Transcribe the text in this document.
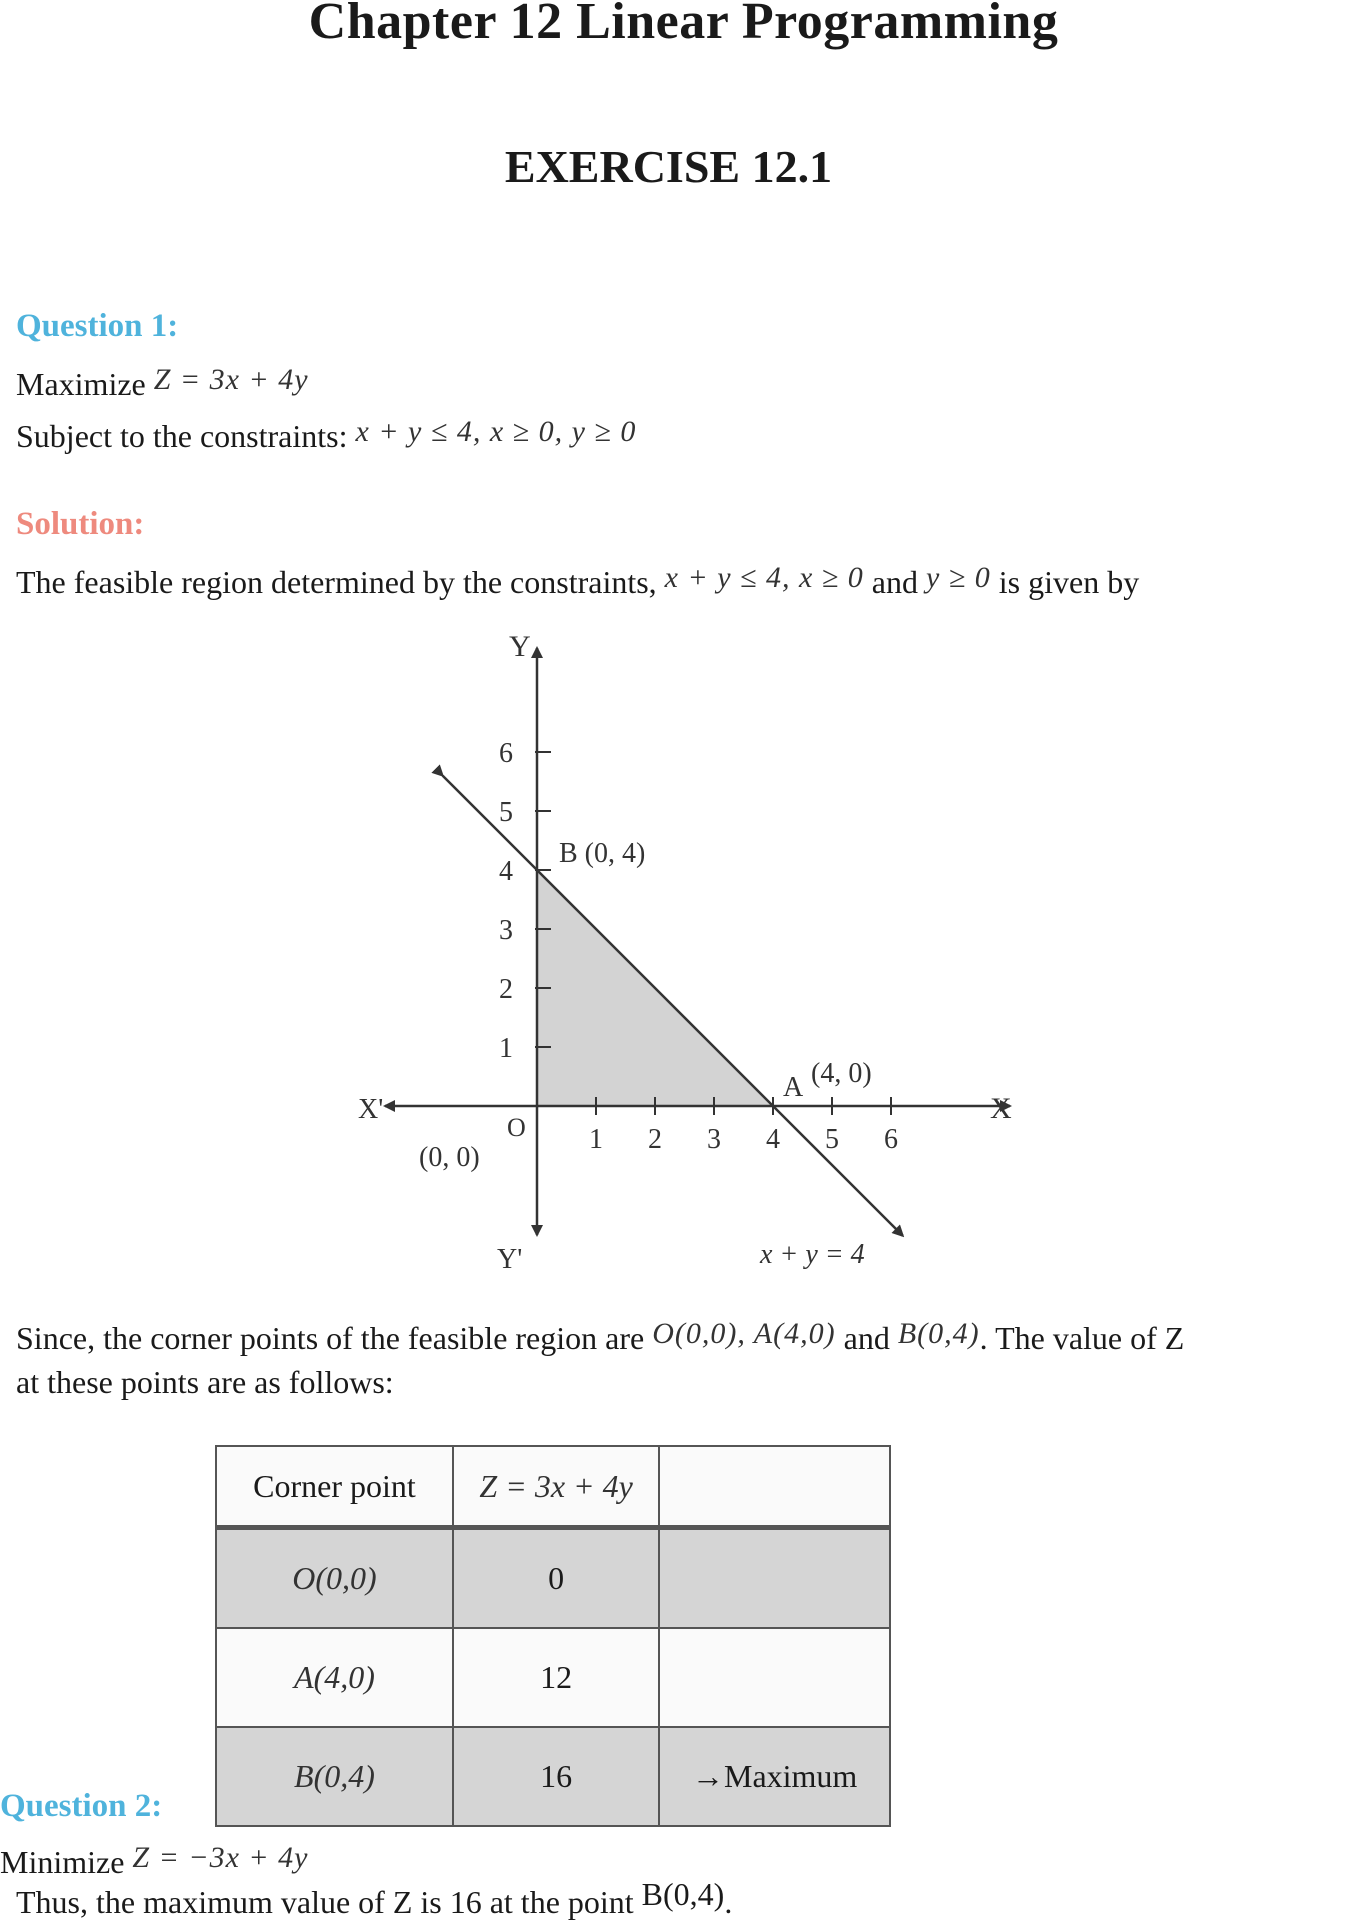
Chapter 12 Linear Programming
EXERCISE 12.1
Question 1:
Maximize Z = 3x + 4y
Subject to the constraints: x + y ≤ 4, x ≥ 0, y ≥ 0
Solution:
The feasible region determined by the constraints, x + y ≤ 4, x ≥ 0 and y ≥ 0 is given by
1 2 3 4 5 6
1
2
3
4
5
6
Y
Y'
X
X'
O
(0, 0)
A (4, 0)
B (0, 4)
x + y = 4
Since, the corner points of the feasible region are O(0,0), A(4,0) and B(0,4). The value of Z
at these points are as follows:
Corner point	Z = 3x + 4y	
O(0,0)	0	
A(4,0)	12	
B(0,4)	16	→Maximum
Question 2:
Minimize Z = −3x + 4y
Thus, the maximum value of Z is 16 at the point B(0,4).
